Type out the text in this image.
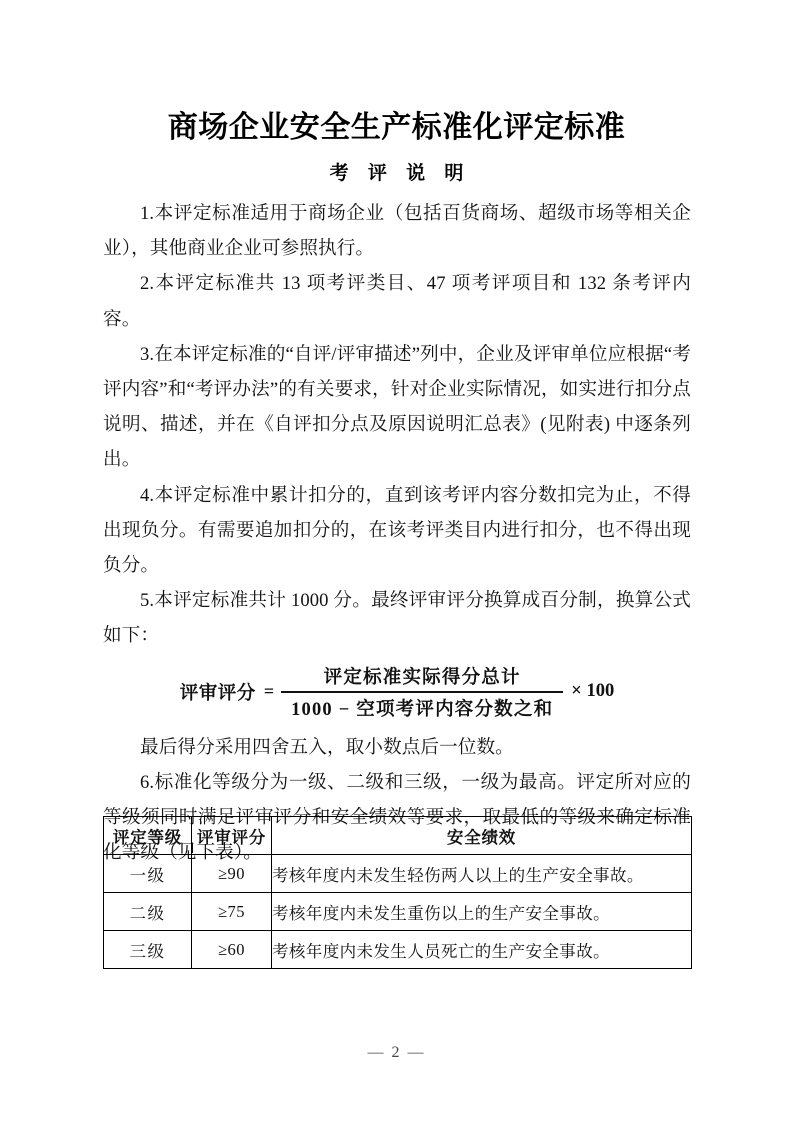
商场企业安全生产标准化评定标准
考 评 说 明

1.本评定标准适用于商场企业（包括百货商场、超级市场等相关企业），其他商业企业可参照执行。

2.本评定标准共 13 项考评类目、47 项考评项目和 132 条考评内容。

3.在本评定标准的“自评/评审描述”列中，企业及评审单位应根据“考评内容”和“考评办法”的有关要求，针对企业实际情况，如实进行扣分点说明、描述，并在《自评扣分点及原因说明汇总表》(见附表) 中逐条列出。

4.本评定标准中累计扣分的，直到该考评内容分数扣完为止，不得出现负分。有需要追加扣分的，在该考评类目内进行扣分，也不得出现负分。

5.本评定标准共计 1000 分。最终评审评分换算成百分制，换算公式如下：

评审评分 = $\frac{\text{评定标准实际得分总计}}{\text{1000 − 空项考评内容分数之和}} \times 100$

最后得分采用四舍五入，取小数点后一位数。

6.标准化等级分为一级、二级和三级，一级为最高。评定所对应的等级须同时满足评审评分和安全绩效等要求，取最低的等级来确定标准化等级（见下表）。

评定等级	评审评分	安全绩效
一级	≥90	考核年度内未发生轻伤两人以上的生产安全事故。
二级	≥75	考核年度内未发生重伤以上的生产安全事故。
三级	≥60	考核年度内未发生人员死亡的生产安全事故。
— 2 —
